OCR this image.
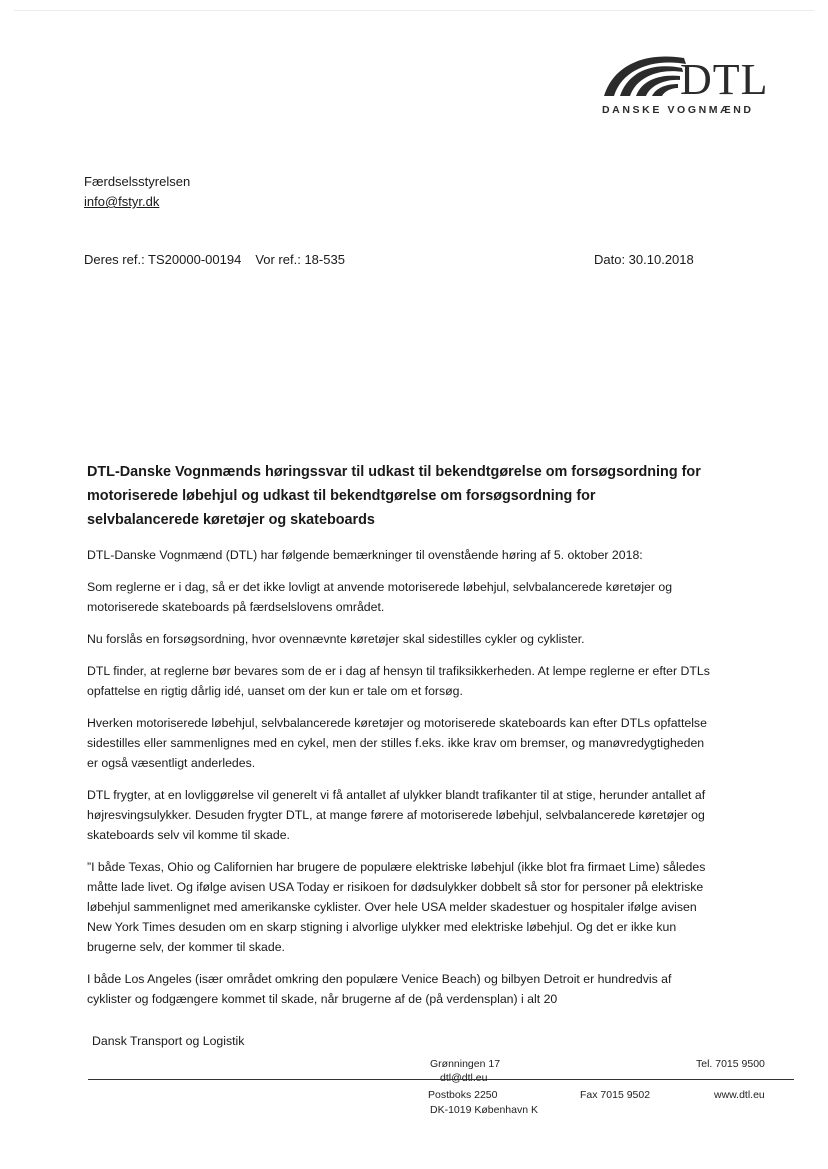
DTL
DANSKE VOGNMÆND
Færdselsstyrelsen
info@fstyr.dk
Deres ref.: TS20000-00194 Vor ref.: 18-535	Dato: 30.10.2018
DTL-Danske Vognmænds høringssvar til udkast til bekendtgørelse om forsøgsordning for motoriserede løbehjul og udkast til bekendtgørelse om forsøgsordning for selvbalancerede køretøjer og skateboards

DTL-Danske Vognmænd (DTL) har følgende bemærkninger til ovenstående høring af 5. oktober 2018:

Som reglerne er i dag, så er det ikke lovligt at anvende motoriserede løbehjul, selvbalancerede køretøjer og motoriserede skateboards på færdselslovens området.

Nu forslås en forsøgsordning, hvor ovennævnte køretøjer skal sidestilles cykler og cyklister.

DTL finder, at reglerne bør bevares som de er i dag af hensyn til trafiksikkerheden. At lempe reglerne er efter DTLs opfattelse en rigtig dårlig idé, uanset om der kun er tale om et forsøg.

Hverken motoriserede løbehjul, selvbalancerede køretøjer og motoriserede skateboards kan efter DTLs opfattelse sidestilles eller sammenlignes med en cykel, men der stilles f.eks. ikke krav om bremser, og manøvredygtigheden er også væsentligt anderledes.

DTL frygter, at en lovliggørelse vil generelt vi få antallet af ulykker blandt trafikanter til at stige, herunder antallet af højresvingsulykker. Desuden frygter DTL, at mange førere af motoriserede løbehjul, selvbalancerede køretøjer og skateboards selv vil komme til skade.

”I både Texas, Ohio og Californien har brugere de populære elektriske løbehjul (ikke blot fra firmaet Lime) således måtte lade livet. Og ifølge avisen USA Today er risikoen for dødsulykker dobbelt så stor for personer på elektriske løbehjul sammenlignet med amerikanske cyklister. Over hele USA melder skadestuer og hospitaler ifølge avisen New York Times desuden om en skarp stigning i alvorlige ulykker med elektriske løbehjul. Og det er ikke kun brugerne selv, der kommer til skade.

I både Los Angeles (især området omkring den populære Venice Beach) og bilbyen Detroit er hundredvis af cyklister og fodgængere kommet til skade, når brugerne af de (på verdensplan) i alt 20

Dansk Transport og Logistik
Grønningen 17
dtl@dtl.eu
Postboks 2250
DK-1019 København K
Tel. 7015 9500
Fax 7015 9502	www.dtl.eu
